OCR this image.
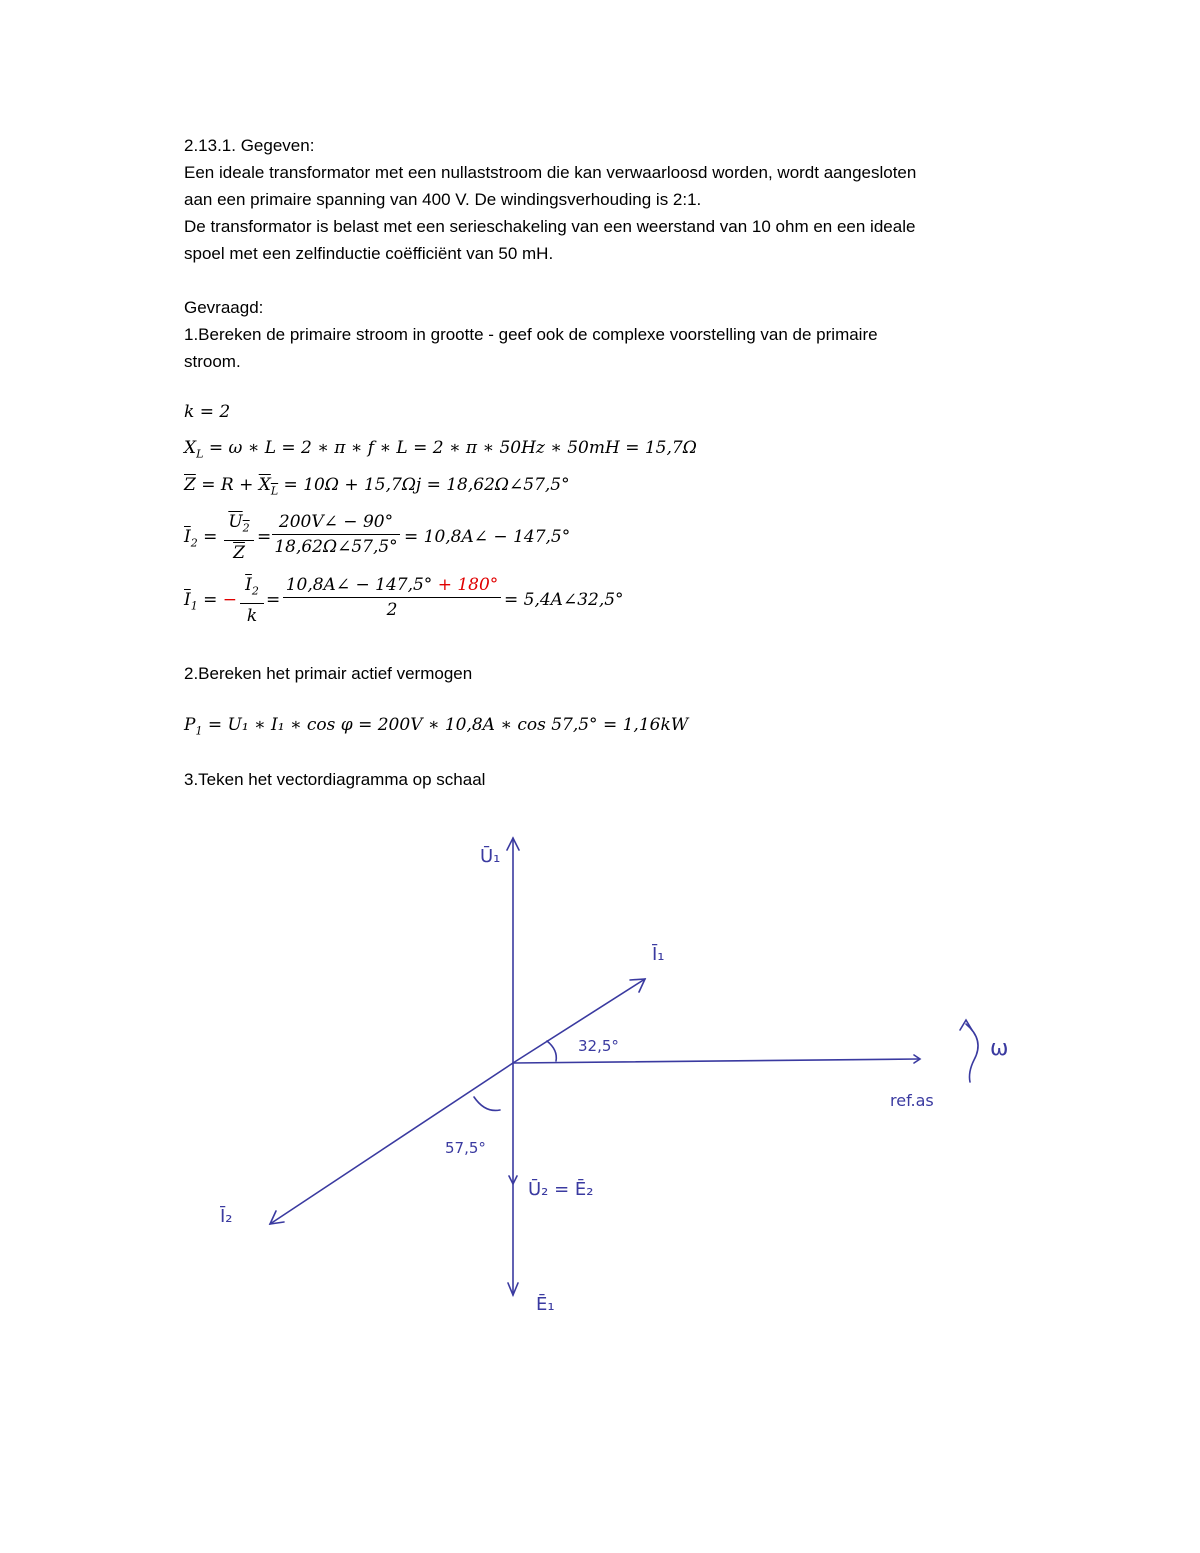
2.13.1. Gegeven:
Een ideale transformator met een nullaststroom die kan verwaarloosd worden, wordt aangesloten
aan een primaire spanning van 400 V. De windingsverhouding is 2:1.
De transformator is belast met een serieschakeling van een weerstand van 10 ohm en een ideale
spoel met een zelfinductie coëfficiënt van 50 mH.
Gevraagd:
1.Bereken de primaire stroom in grootte - geef ook de complexe voorstelling van de primaire
stroom.
k = 2
$X_L = \omega$ ∗ L = 2 ∗ π ∗ f ∗ L = 2 ∗ π ∗ 50Hz ∗ 50mH = 15,7Ω
$\overline{Z} = R + X_L = 10\Omega + 15,7\Omega j$ = 18,62Ω∠57,5°
$\overline{I}_2 = \frac{U_2}{Z} = \frac{200V\angle - 90^\circ}{18,62\Omega\angle 57,5^\circ}$ = 10,8A∠ − 147,5°
$\overline{I}_1$ = − $\frac{\overline{I}_2}{k} = \frac{10,8A\angle - 147,5^\circ + 180^\circ}{2}$ = 5,4A∠32,5°
2.Bereken het primair actief vermogen
$P_1 = U_1$ ∗ I₁ ∗ cos φ = 200V ∗ 10,8A ∗ cos 57,5° = 1,16kW
3.Teken het vectordiagramma op schaal
Ū₁
Ī₁
32,5°
57,5°
ref.as
ω
Ū₂ = Ē₂
Ē₁
Ī₂
